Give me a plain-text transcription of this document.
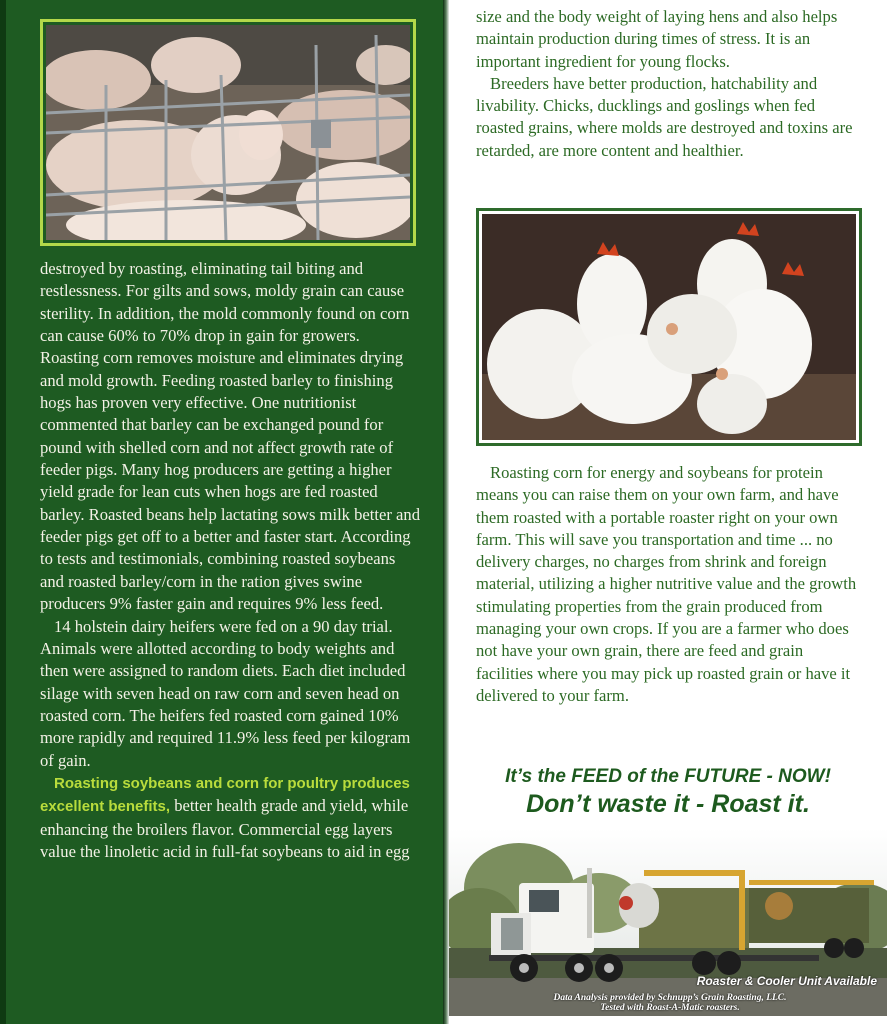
destroyed by roasting, eliminating tail biting and restlessness. For gilts and sows, moldy grain can cause sterility. In addition, the mold commonly found on corn can cause 60% to 70% drop in gain for growers. Roasting corn removes moisture and eliminates drying and mold growth. Feeding roasted barley to finishing hogs has proven very effective. One nutritionist commented that barley can be exchanged pound for pound with shelled corn and not affect growth rate of feeder pigs. Many hog producers are getting a higher yield grade for lean cuts when hogs are fed roasted barley. Roasted beans help lactating sows milk better and feeder pigs get off to a better and faster start. According to tests and testimonials, combining roasted soybeans and roasted barley/corn in the ration gives swine producers 9% faster gain and requires 9% less feed.

14 holstein dairy heifers were fed on a 90 day trial. Animals were allotted according to body weights and then were assigned to random diets. Each diet included silage with seven head on raw corn and seven head on roasted corn. The heifers fed roasted corn gained 10% more rapidly and required 11.9% less feed per kilogram of gain.

Roasting soybeans and corn for poultry produces excellent benefits, better health grade and yield, while enhancing the broilers flavor. Commercial egg layers value the linoletic acid in full-fat soybeans to aid in egg

size and the body weight of laying hens and also helps maintain production during times of stress. It is an important ingredient for young flocks.

Breeders have better production, hatchability and livability. Chicks, ducklings and goslings when fed roasted grains, where molds are destroyed and toxins are retarded, are more content and healthier.

Roasting corn for energy and soybeans for protein means you can raise them on your own farm, and have them roasted with a portable roaster right on your own farm. This will save you transportation and time ... no delivery charges, no charges from shrink and foreign material, utilizing a higher nutritive value and the growth stimulating properties from the grain produced from managing your own crops. If you are a farmer who does not have your own grain, there are feed and grain facilities where you may pick up roasted grain or have it delivered to your farm.

It’s the FEED of the FUTURE - NOW!
Don’t waste it - Roast it.
Roaster & Cooler Unit Available
Data Analysis provided by Schnupp’s Grain Roasting, LLC.
Tested with Roast-A-Matic roasters.
